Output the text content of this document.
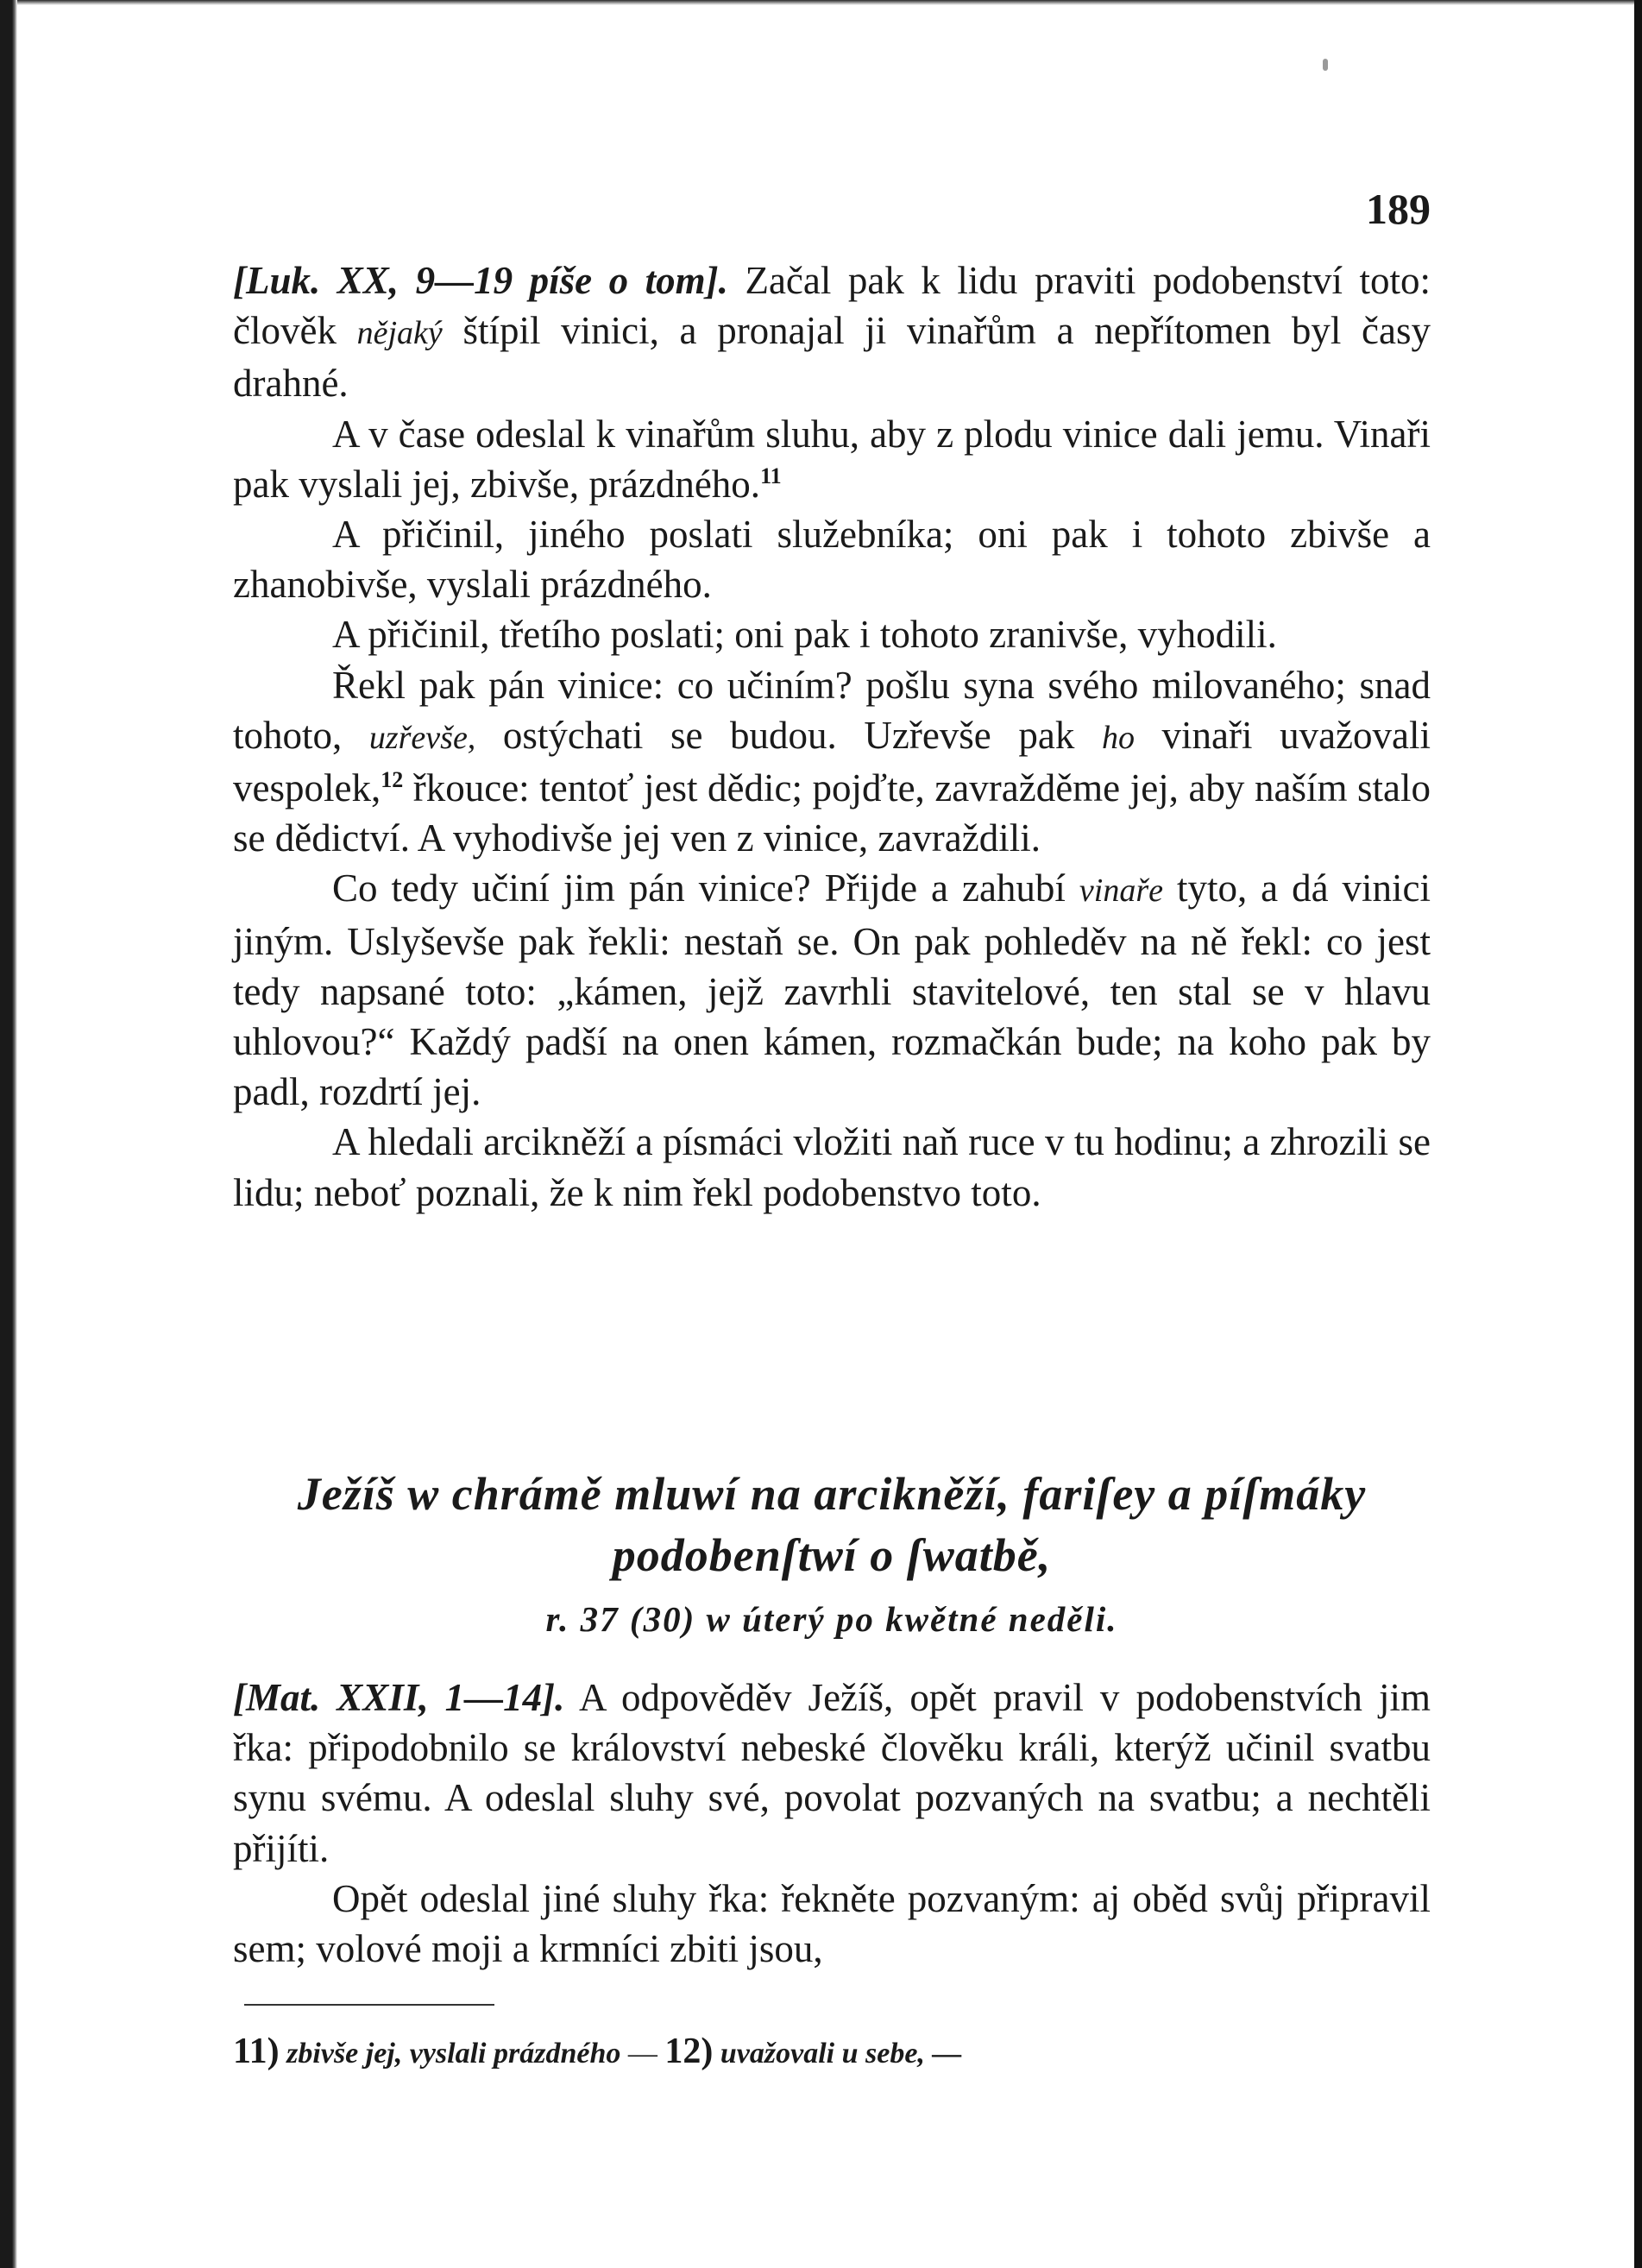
189

[Luk. XX, 9—19 píše o tom]. Začal pak k lidu praviti podobenství toto: člověk nějaký štípil vinici, a pronajal ji vinařům a nepřítomen byl časy drahné.

A v čase odeslal k vinařům sluhu, aby z plodu vinice dali jemu. Vinaři pak vyslali jej, zbivše, prázdného.$^{11}$

A přičinil, jiného poslati služebníka; oni pak i tohoto zbivše a zhanobivše, vyslali prázdného.

A přičinil, třetího poslati; oni pak i tohoto zranivše, vyhodili.

Řekl pak pán vinice: co učiním? pošlu syna svého milovaného; snad tohoto, uzřevše, ostýchati se budou. Uzřevše pak ho vinaři uvažovali vespolek,$^{12}$ řkouce: tentoť jest dědic; pojďte, zavražděme jej, aby naším stalo se dědictví. A vyhodivše jej ven z vinice, zavraždili.

Co tedy učiní jim pán vinice? Přijde a zahubí vinaře tyto, a dá vinici jiným. Uslyševše pak řekli: nestaň se. On pak pohleděv na ně řekl: co jest tedy napsané toto: „kámen, jejž zavrhli stavitelové, ten stal se v hlavu uhlovou?“ Každý padší na onen kámen, rozmačkán bude; na koho pak by padl, rozdrtí jej.

A hledali arcikněží a písmáci vložiti naň ruce v tu hodinu; a zhrozili se lidu; neboť poznali, že k nim řekl podobenstvo toto.

Ježíš w chrámě mluwí na arcikněží, fariſey a píſmáky
podobenſtwí o ſwatbě,
r. 37 (30) w úterý po kwětné neděli.

[Mat. XXII, 1—14]. A odpověděv Ježíš, opět pravil v podobenstvích jim řka: připodobnilo se království nebeské člověku králi, kterýž učinil svatbu synu svému. A odeslal sluhy své, povolat pozvaných na svatbu; a nechtěli přijíti.

Opět odeslal jiné sluhy řka: řekněte pozvaným: aj oběd svůj připravil sem; volové moji a krmníci zbiti jsou,

11) zbivše jej, vyslali prázdného — 12) uvažovali u sebe, —
